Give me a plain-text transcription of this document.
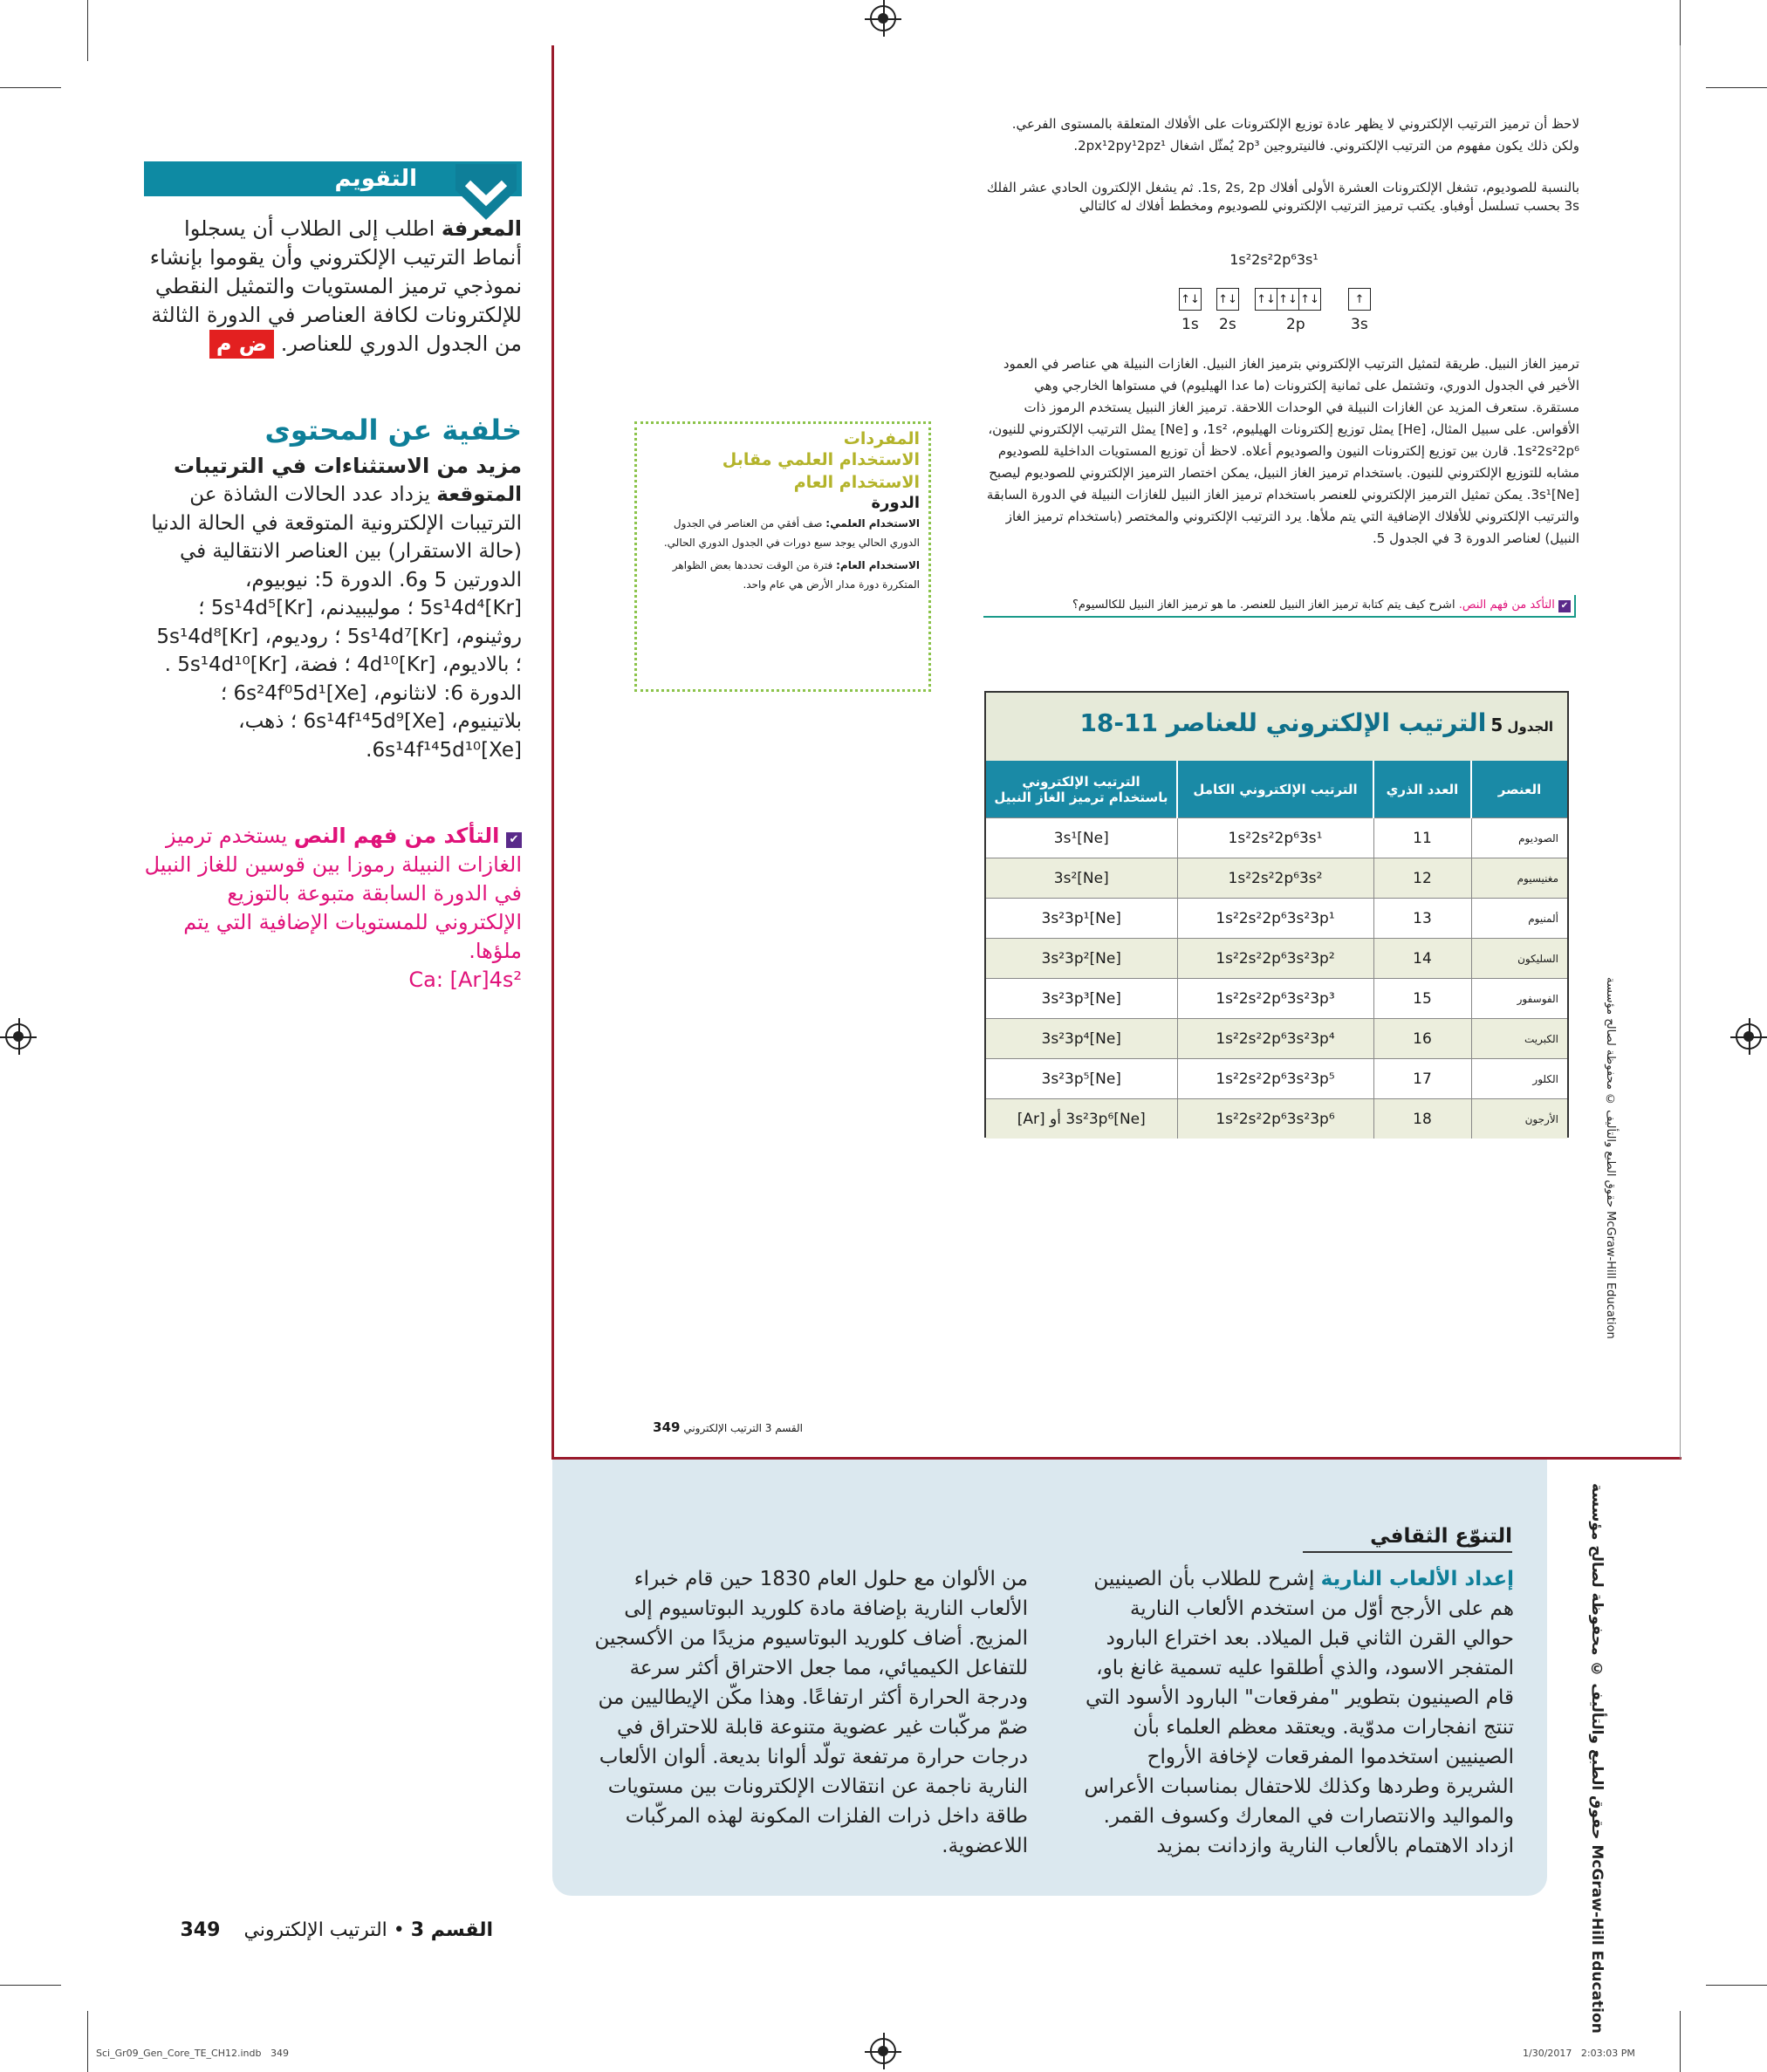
التقويم
المعرفة اطلب إلى الطلاب أن يسجلوا أنماط الترتيب الإلكتروني وأن يقوموا بإنشاء نموذجي ترميز المستويات والتمثيل النقطي للإلكترونات لكافة العناصر في الدورة الثالثة من الجدول الدوري للعناصر. ض م
خلفية عن المحتوى
مزيد من الاستثناءات في الترتيبات
المتوقعة يزداد عدد الحالات الشاذة عن الترتيبات الإلكترونية المتوقعة في الحالة الدنيا (حالة الاستقرار) بين العناصر الانتقالية في الدورتين 5 و6. الدورة 5: نيوبيوم، [Kr]5s¹4d⁴ ؛ موليبيدنم، [Kr]5s¹4d⁵ ؛ روثينوم، [Kr]5s¹4d⁷ ؛ روديوم، [Kr]5s¹4d⁸ ؛ بالاديوم، [Kr]4d¹⁰ ؛ فضة، [Kr]5s¹4d¹⁰ . الدورة 6: لانثانوم، [Xe]6s²4f⁰5d¹ ؛ بلاتينيوم، [Xe]6s¹4f¹⁴5d⁹ ؛ ذهب، [Xe]6s¹4f¹⁴5d¹⁰.
✔ التأكد من فهم النص يستخدم ترميز الغازات النبيلة رموزا بين قوسين للغاز النبيل في الدورة السابقة متبوعة بالتوزيع الإلكتروني للمستويات الإضافية التي يتم ملؤها.
Ca: [Ar]4s²
لاحظ أن ترميز الترتيب الإلكتروني لا يظهر عادة توزيع الإلكترونات على الأفلاك المتعلقة بالمستوى الفرعي. ولكن ذلك يكون مفهوم من الترتيب الإلكتروني. فالنيتروجين 2p³ يُمثّل اشغال 2px¹2py¹2pz¹.
بالنسبة للصوديوم، تشغل الإلكترونات العشرة الأولى أفلاك 1s, 2s, 2p. ثم يشغل الإلكترون الحادي عشر الفلك 3s بحسب تسلسل أوفباو. يكتب ترميز الترتيب الإلكتروني للصوديوم ومخطط أفلاك له كالتالي
1s²2s²2p⁶3s¹
↑↓ ↑↓ ↑↓ ↑↓ ↑↓	↑
1s 2s	2p	3s
ترميز الغاز النبيل. طريقة لتمثيل الترتيب الإلكتروني بترميز الغاز النبيل. الغازات النبيلة هي عناصر في العمود الأخير في الجدول الدوري، وتشتمل على ثمانية إلكترونات (ما عدا الهيليوم) في مستواها الخارجي وهي مستقرة. ستعرف المزيد عن الغازات النبيلة في الوحدات اللاحقة. ترميز الغاز النبيل يستخدم الرموز ذات الأقواس. على سبيل المثال، [He] يمثل توزيع إلكترونات الهيليوم، 1s²، و [Ne] يمثل الترتيب الإلكتروني للنيون، 1s²2s²2p⁶. قارن بين توزيع إلكترونات النيون والصوديوم أعلاه. لاحظ أن توزيع المستويات الداخلية للصوديوم مشابه للتوزيع الإلكتروني للنيون. باستخدام ترميز الغاز النبيل، يمكن اختصار الترميز الإلكتروني للصوديوم ليصبح [Ne]3s¹. يمكن تمثيل الترميز الإلكتروني للعنصر باستخدام ترميز الغاز النبيل للغازات النبيلة في الدورة السابقة والترتيب الإلكتروني للأفلاك الإضافية التي يتم ملأها. يرد الترتيب الإلكتروني والمختصر (باستخدام ترميز الغاز النبيل) لعناصر الدورة 3 في الجدول 5.
✔ التأكد من فهم النص. اشرح كيف يتم كتابة ترميز الغاز النبيل للعنصر. ما هو ترميز الغاز النبيل للكالسيوم؟
المفردات
الاستخدام العلمي مقابل الاستخدام العام
الدورة
الاستخدام العلمي: صف أفقي من العناصر في الجدول الدوري الحالي يوجد سبع دورات في الجدول الدوري الحالي.
الاستخدام العام: فترة من الوقت تحددها بعض الظواهر المتكررة دورة مدار الأرض هي عام واحد.
الجدول 5 الترتيب الإلكتروني للعناصر 11-18
العنصر	العدد الذري	الترتيب الإلكتروني الكامل	الترتيب الإلكتروني باستخدام ترميز الغاز النبيل
الصوديوم	11	1s²2s²2p⁶3s¹	[Ne]3s¹
مغنيسيوم	12	1s²2s²2p⁶3s²	[Ne]3s²
ألمنيوم	13	1s²2s²2p⁶3s²3p¹	[Ne]3s²3p¹
السليكون	14	1s²2s²2p⁶3s²3p²	[Ne]3s²3p²
الفوسفور	15	1s²2s²2p⁶3s²3p³	[Ne]3s²3p³
الكبريت	16	1s²2s²2p⁶3s²3p⁴	[Ne]3s²3p⁴
الكلور	17	1s²2s²2p⁶3s²3p⁵	[Ne]3s²3p⁵
الأرجون	18	1s²2s²2p⁶3s²3p⁶	[Ne]3s²3p⁶ أو [Ar]
القسم 3 الترتيب الإلكتروني 349
حقوق الطبع والتأليف © محفوظة لصالح مؤسسة McGraw-Hill Education
التنوّع الثقافي
إعداد الألعاب النارية إشرح للطلاب بأن الصينيين هم على الأرجح أوّل من استخدم الألعاب النارية حوالي القرن الثاني قبل الميلاد. بعد اختراع البارود المتفجر الاسود، والذي أطلقوا عليه تسمية غانغ باو، قام الصينيون بتطوير "مفرقعات" البارود الأسود التي تنتج انفجارات مدوّية. ويعتقد معظم العلماء بأن الصينيين استخدموا المفرقعات لإخافة الأرواح الشريرة وطردها وكذلك للاحتفال بمناسبات الأعراس والمواليد والانتصارات في المعارك وكسوف القمر. ازداد الاهتمام بالألعاب النارية وازدانت بمزيد
من الألوان مع حلول العام 1830 حين قام خبراء الألعاب النارية بإضافة مادة كلوريد البوتاسيوم إلى المزيج. أضاف كلوريد البوتاسيوم مزيدًا من الأكسجين للتفاعل الكيميائي، مما جعل الاحتراق أكثر سرعة ودرجة الحرارة أكثر ارتفاعًا. وهذا مكّن الإيطاليين من ضمّ مركّبات غير عضوية متنوعة قابلة للاحتراق في درجات حرارة مرتفعة تولّد ألوانا بديعة. ألوان الألعاب النارية ناجمة عن انتقالات الإلكترونات بين مستويات طاقة داخل ذرات الفلزات المكونة لهذه المركّبات اللاعضوية.
حقوق الطبع والتأليف © محفوظة لصالح مؤسسة McGraw-Hill Education
القسم 3 • الترتيب الإلكتروني 349
Sci_Gr09_Gen_Core_TE_CH12.indb   349	1/30/2017   2:03:03 PM
